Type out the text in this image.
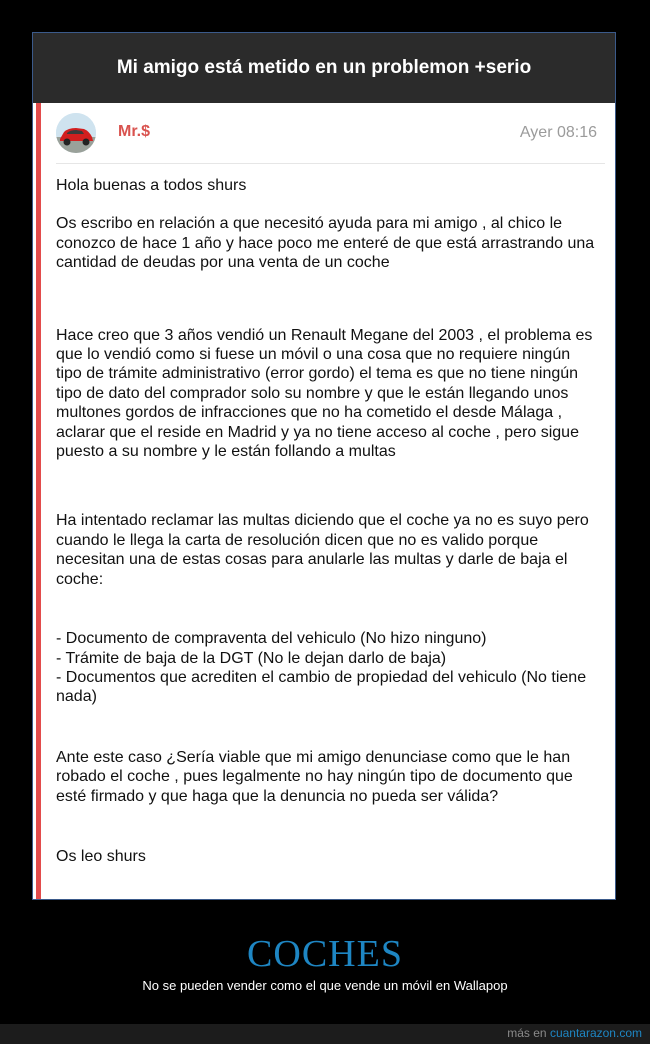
Mi amigo está metido en un problemon +serio
Mr.$	Ayer 08:16

Hola buenas a todos shurs

Os escribo en relación a que necesitó ayuda para mi amigo , al chico le conozco de hace 1 año y hace poco me enteré de que está arrastrando una cantidad de deudas por una venta de un coche

Hace creo que 3 años vendió un Renault Megane del 2003 , el problema es que lo vendió como si fuese un móvil o una cosa que no requiere ningún tipo de trámite administrativo (error gordo) el tema es que no tiene ningún tipo de dato del comprador solo su nombre y que le están llegando unos multones gordos de infracciones que no ha cometido el desde Málaga , aclarar que el reside en Madrid y ya no tiene acceso al coche , pero sigue puesto a su nombre y le están follando a multas

Ha intentado reclamar las multas diciendo que el coche ya no es suyo pero cuando le llega la carta de resolución dicen que no es valido porque necesitan una de estas cosas para anularle las multas y darle de baja el coche:

- Documento de compraventa del vehiculo (No hizo ninguno)
- Trámite de baja de la DGT (No le dejan darlo de baja)
- Documentos que acrediten el cambio de propiedad del vehiculo (No tiene nada)

Ante este caso ¿Sería viable que mi amigo denunciase como que le han robado el coche , pues legalmente no hay ningún tipo de documento que esté firmado y que haga que la denuncia no pueda ser válida?

Os leo shurs

COCHES
No se pueden vender como el que vende un móvil en Wallapop
más en cuantarazon.com
